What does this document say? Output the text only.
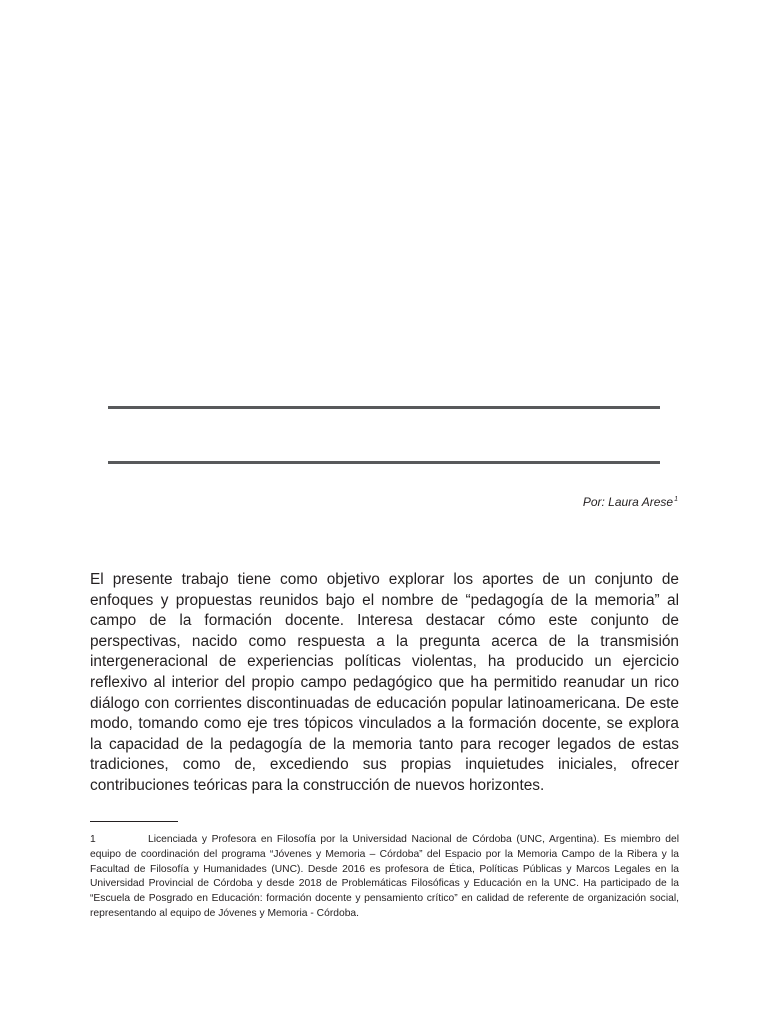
Por: Laura Arese$^1$

El presente trabajo tiene como objetivo explorar los aportes de un conjunto de enfoques y propuestas reunidos bajo el nombre de “pedagogía de la memoria” al campo de la formación docente. Interesa destacar cómo este conjunto de perspectivas, nacido como respuesta a la pregunta acerca de la transmisión intergeneracional de experiencias políticas violentas, ha producido un ejercicio reflexivo al interior del propio campo pedagógico que ha permitido reanudar un rico diálogo con corrientes discontinuadas de educación popular latinoamericana. De este modo, tomando como eje tres tópicos vinculados a la formación docente, se explora la capacidad de la pedagogía de la memoria tanto para recoger legados de estas tradiciones, como de, excediendo sus propias inquietudes iniciales, ofrecer contribuciones teóricas para la construcción de nuevos horizontes.

1	Licenciada y Profesora en Filosofía por la Universidad Nacional de Córdoba (UNC, Argentina). Es miembro del equipo de coordinación del programa “Jóvenes y Memoria – Córdoba” del Espacio por la Memoria Campo de la Ribera y la Facultad de Filosofía y Humanidades (UNC). Desde 2016 es profesora de Ética, Políticas Públicas y Marcos Legales en la Universidad Provincial de Córdoba y desde 2018 de Problemáticas Filosóficas y Educación en la UNC. Ha participado de la “Escuela de Posgrado en Educación: formación docente y pensamiento crítico” en calidad de referente de organización social, representando al equipo de Jóvenes y Memoria - Córdoba.
